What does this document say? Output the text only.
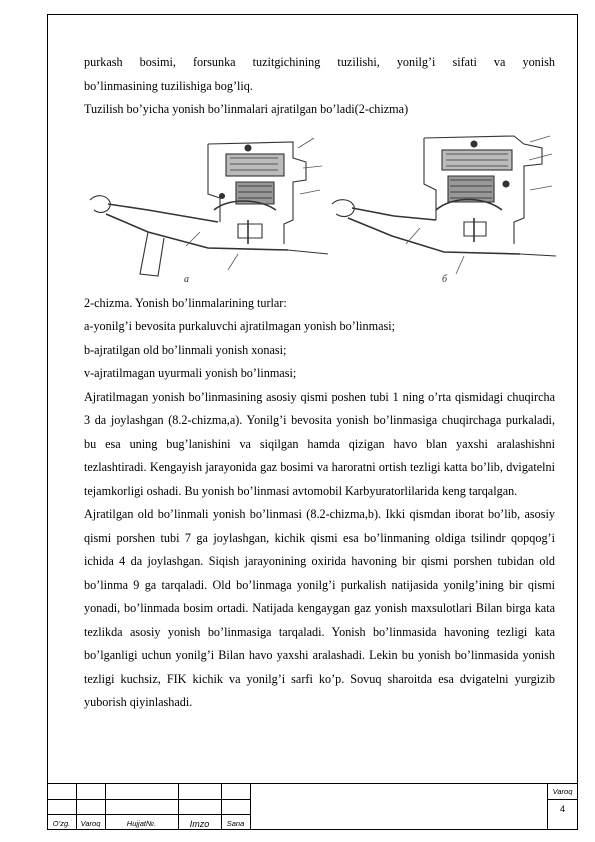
purkash bosimi, forsunka tuzitgichining tuzilishi, yonilg’i sifati va yonish

bo’linmasining tuzilishiga bog’liq.

Tuzilish bo’yicha yonish bo’linmalari ajratilgan bo’ladi(2-chizma)

a	б

2-chizma. Yonish bo’linmalarining turlar:

a-yonilg’i bevosita purkaluvchi ajratilmagan yonish bo’linmasi;

b-ajratilgan old bo’linmali yonish xonasi;

v-ajratilmagan uyurmali yonish bo’linmasi;

Ajratilmagan yonish bo’linmasining asosiy qismi poshen tubi 1 ning o’rta qismidagi chuqircha 3 da joylashgan (8.2-chizma,a). Yonilg’i bevosita yonish bo’linmasiga chuqirchaga purkaladi, bu esa uning bug’lanishini va siqilgan hamda qizigan havo blan yaxshi aralashishni tezlashtiradi. Kengayish jarayonida gaz bosimi va haroratni ortish tezligi katta bo’lib, dvigatelni tejamkorligi oshadi. Bu yonish bo’linmasi avtomobil Karbyuratorlilarida keng tarqalgan.

Ajratilgan old bo’linmali yonish bo’linmasi (8.2-chizma,b). Ikki qismdan iborat bo’lib, asosiy qismi porshen tubi 7 ga joylashgan, kichik qismi esa bo’linmaning oldiga tsilindr qopqog’i ichida 4 da joylashgan. Siqish jarayonining oxirida havoning bir qismi porshen tubidan old bo’linma 9 ga tarqaladi. Old bo’linmaga yonilg’i purkalish natijasida yonilg’ining bir qismi yonadi, bo’linmada bosim ortadi. Natijada kengaygan gaz yonish maxsulotlari Bilan birga kata tezlikda asosiy yonish bo’linmasiga tarqaladi. Yonish bo’linmasida havoning tezligi kata bo’lganligi uchun yonilg’i Bilan havo yaxshi aralashadi. Lekin bu yonish bo’linmasida yonish tezligi kuchsiz, FIK kichik va yonilg’i sarfi ko’p. Sovuq sharoitda esa dvigatelni yurgizib yuborish qiyinlashadi.

O’zg.	Varoq	Hujjat№.	Imzo	Sana
Varoq
4
